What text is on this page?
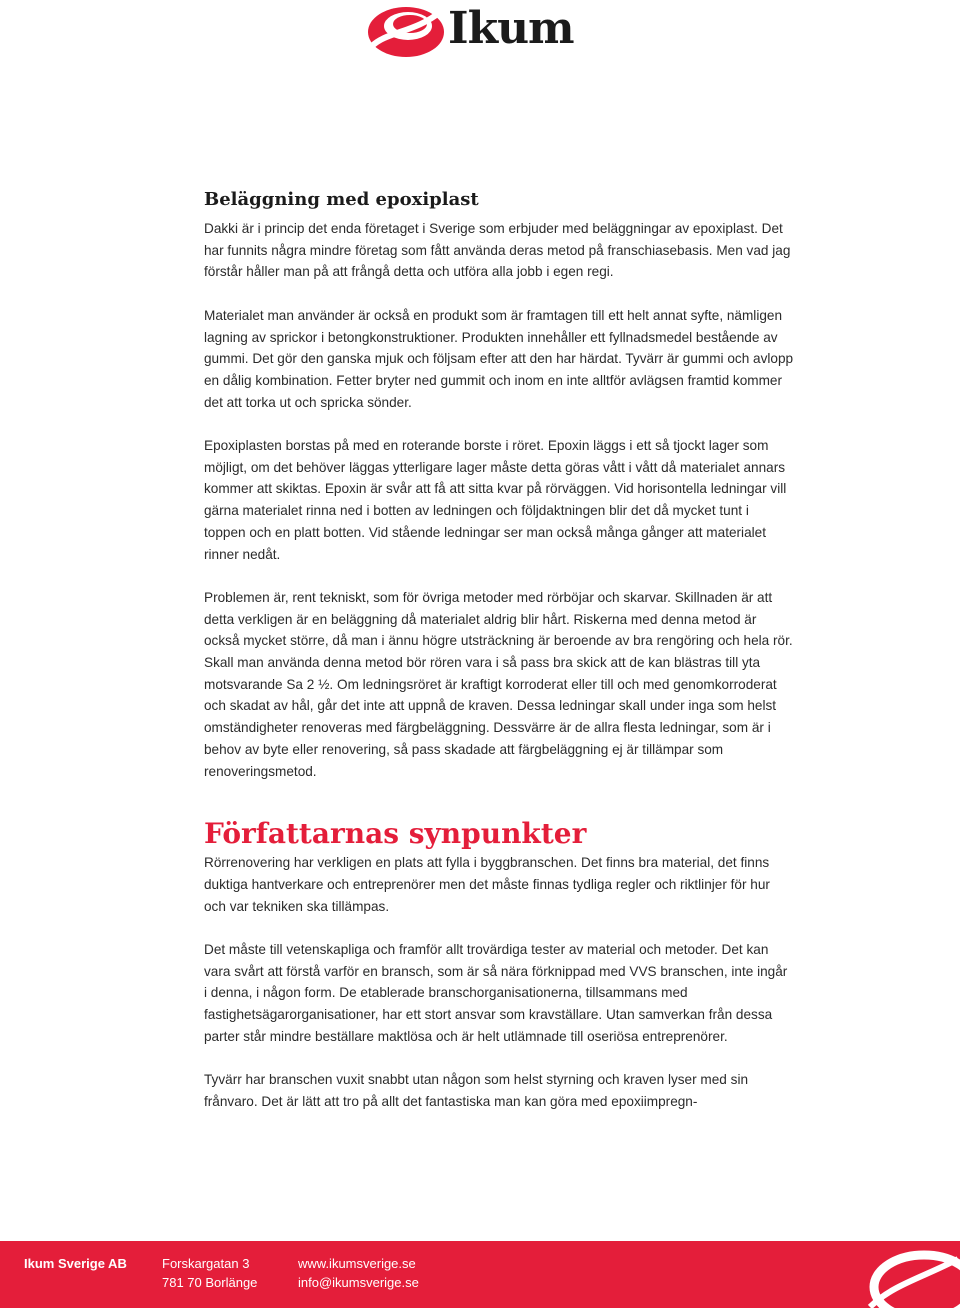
Ikum
Beläggning med epoxiplast

Dakki är i princip det enda företaget i Sverige som erbjuder med beläggningar av epoxiplast. Det har funnits några mindre företag som fått använda deras metod på franschiasebasis. Men vad jag förstår håller man på att frångå detta och utföra alla jobb i egen regi.

Materialet man använder är också en produkt som är framtagen till ett helt annat syfte, nämligen lagning av sprickor i betongkonstruktioner. Produkten innehåller ett fyllnadsmedel bestående av gummi. Det gör den ganska mjuk och följsam efter att den har härdat. Tyvärr är gummi och avlopp en dålig kombination. Fetter bryter ned gummit och inom en inte alltför avlägsen framtid kommer det att torka ut och spricka sönder.

Epoxiplasten borstas på med en roterande borste i röret. Epoxin läggs i ett så tjockt lager som möjligt, om det behöver läggas ytterligare lager måste detta göras vått i vått då materialet annars kommer att skiktas. Epoxin är svår att få att sitta kvar på rörväggen. Vid horisontella ledningar vill gärna materialet rinna ned i botten av ledningen och följdaktningen blir det då mycket tunt i toppen och en platt botten. Vid stående ledningar ser man också många gånger att materialet rinner nedåt.

Problemen är, rent tekniskt, som för övriga metoder med rörböjar och skarvar. Skillnaden är att detta verkligen är en beläggning då materialet aldrig blir hårt. Riskerna med denna metod är också mycket större, då man i ännu högre utsträckning är beroende av bra rengöring och hela rör. Skall man använda denna metod bör rören vara i så pass bra skick att de kan blästras till yta motsvarande Sa 2 ½. Om ledningsröret är kraftigt korroderat eller till och med genomkorroderat och skadat av hål, går det inte att uppnå de kraven. Dessa ledningar skall under inga som helst omständigheter renoveras med färgbeläggning. Dessvärre är de allra flesta ledningar, som är i behov av byte eller renovering, så pass skadade att färgbeläggning ej är tillämpar som renoveringsmetod.

Författarnas synpunkter

Rörrenovering har verkligen en plats att fylla i byggbranschen. Det finns bra material, det finns duktiga hantverkare och entreprenörer men det måste finnas tydliga regler och riktlinjer för hur och var tekniken ska tillämpas.

Det måste till vetenskapliga och framför allt trovärdiga tester av material och metoder. Det kan vara svårt att förstå varför en bransch, som är så nära förknippad med VVS branschen, inte ingår i denna, i någon form. De etablerade branschorganisationerna, tillsammans med fastighetsägarorganisationer, har ett stort ansvar som kravställare. Utan samverkan från dessa parter står mindre beställare maktlösa och är helt utlämnade till oseriösa entreprenörer.

Tyvärr har branschen vuxit snabbt utan någon som helst styrning och kraven lyser med sin frånvaro. Det är lätt att tro på allt det fantastiska man kan göra med epoxiimpregn-

Ikum Sverige AB	Forskargatan 3
781 70 Borlänge
www.ikumsverige.se
info@ikumsverige.se
